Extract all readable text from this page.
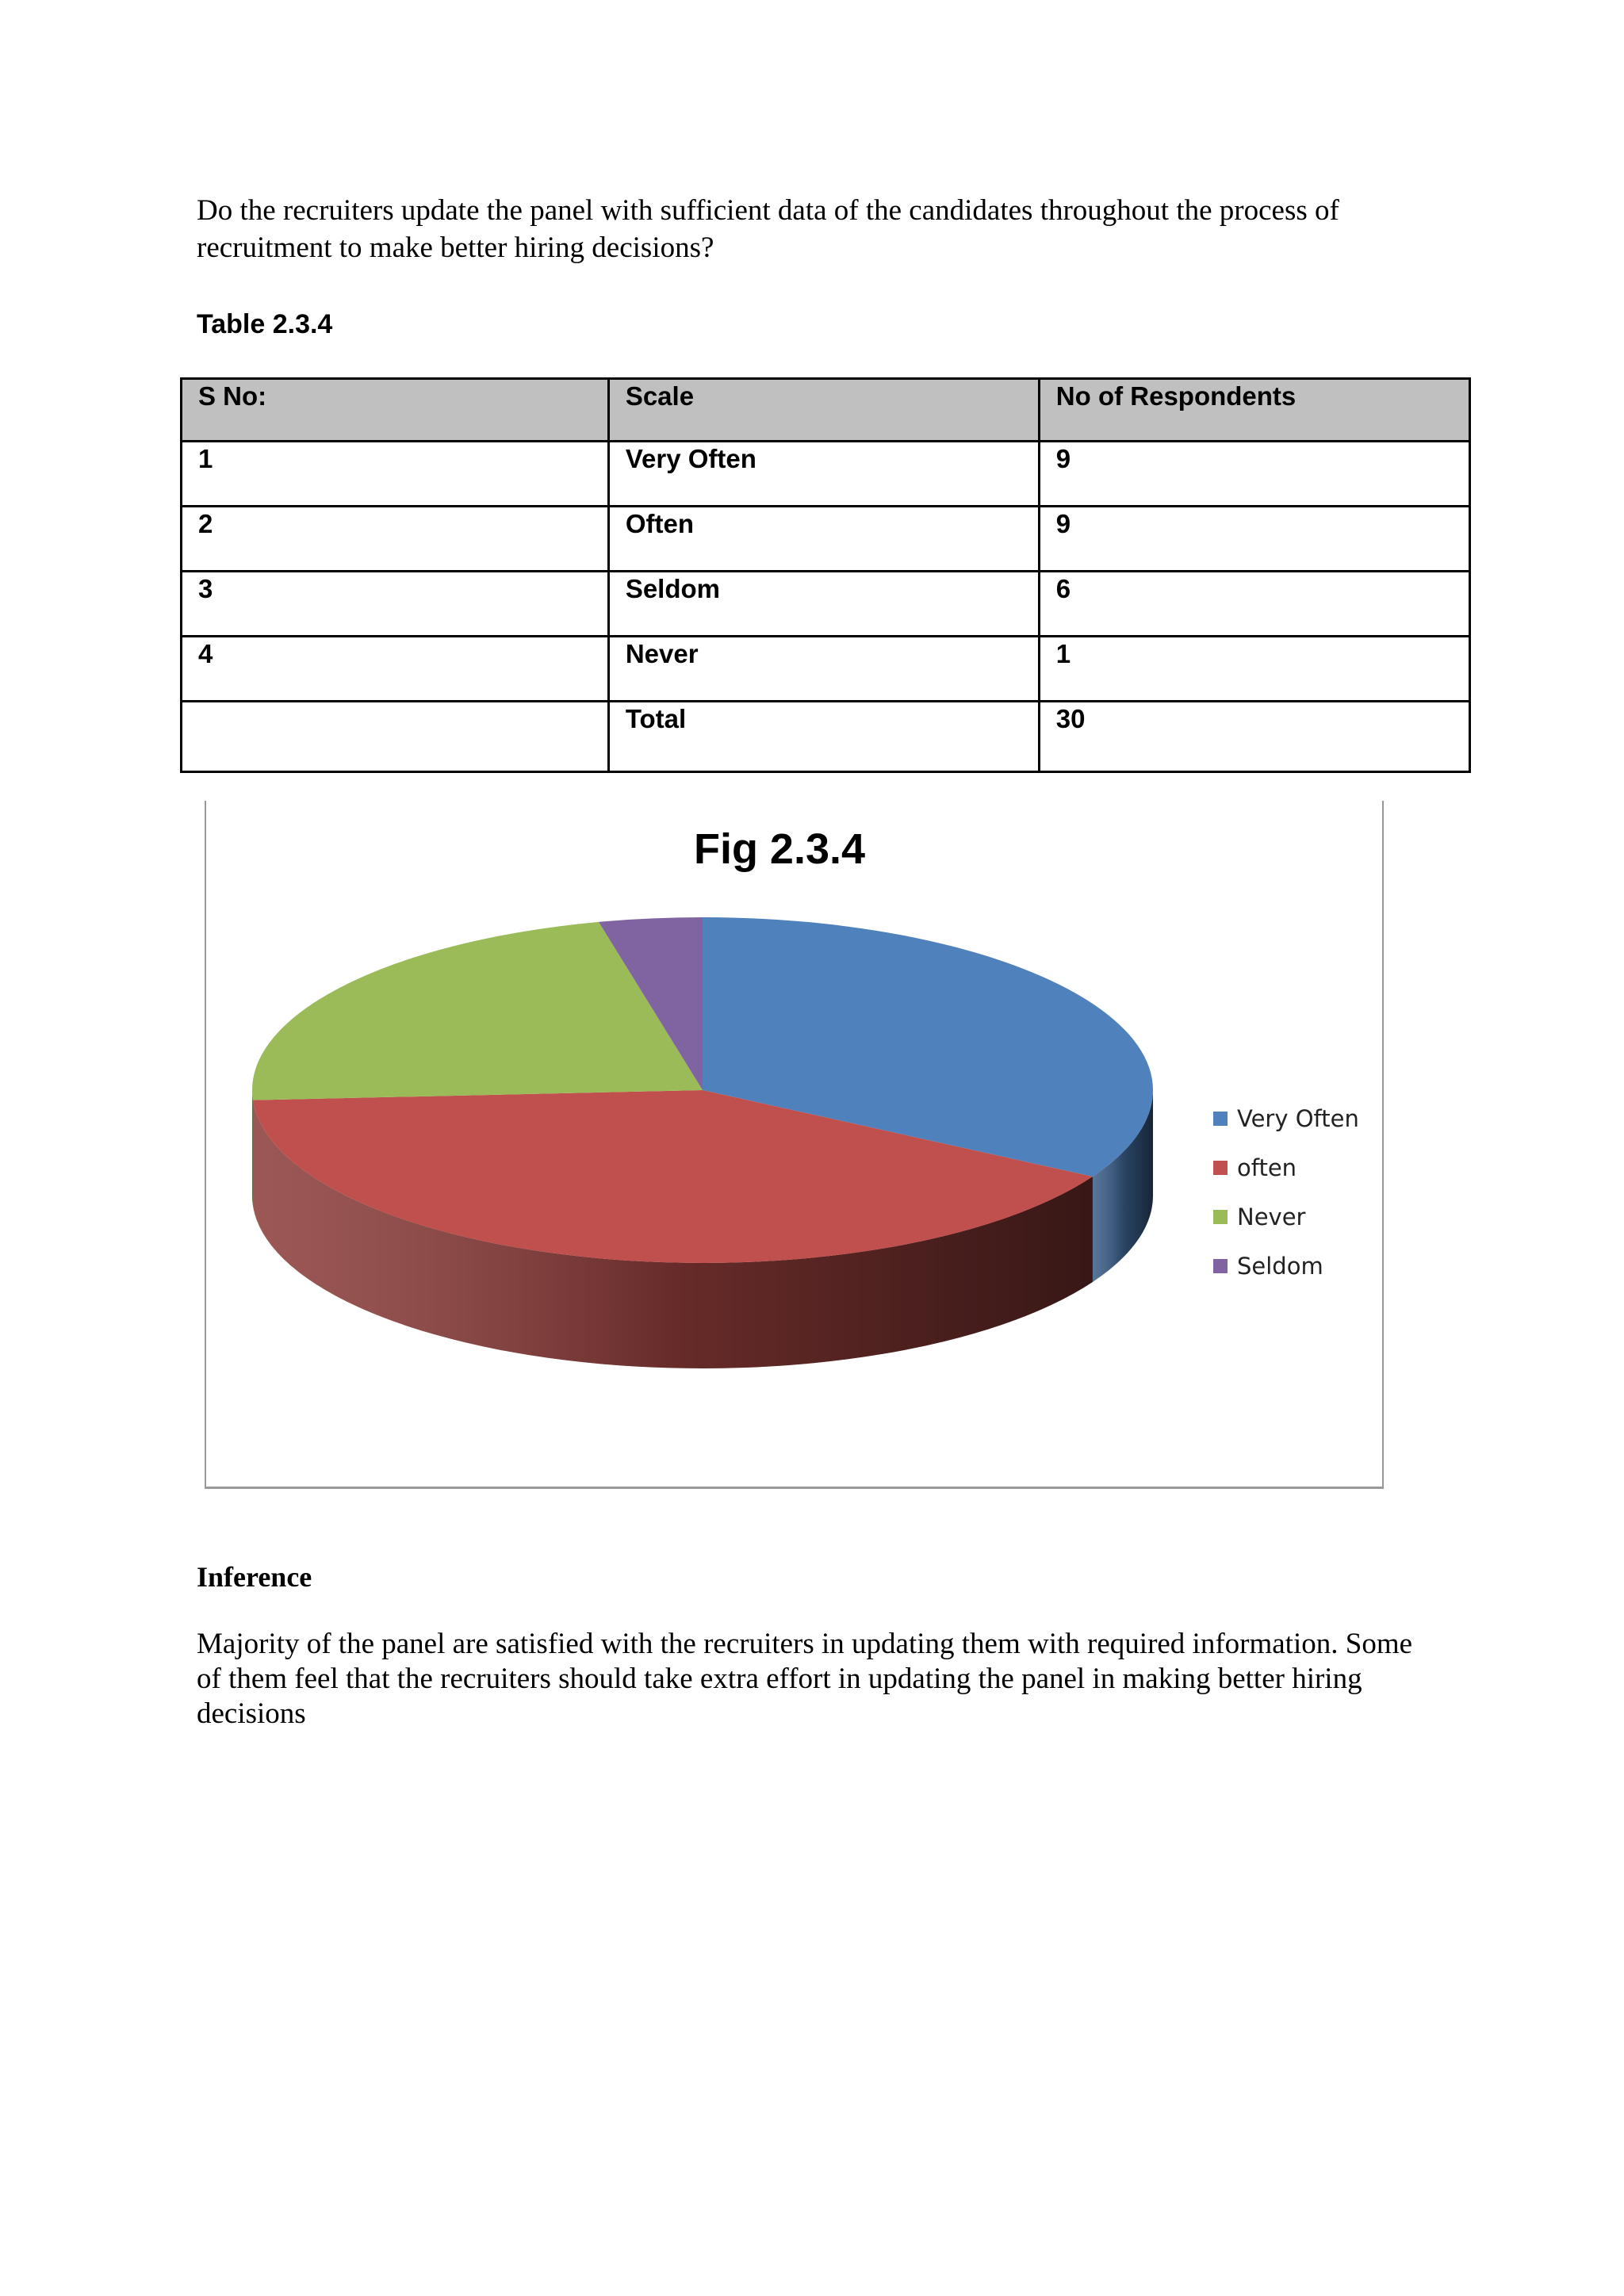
Do the recruiters update the panel with sufficient data of the candidates throughout the process of recruitment to make better hiring decisions?
Table 2.3.4
S No:	Scale	No of Respondents
1	Very Often	9
2	Often	9
3	Seldom	6
4	Never	1
	Total	30
Fig 2.3.4
Very Often
often
Never
Seldom
Inference
Majority of the panel are satisfied with the recruiters in updating them with required information. Some of them feel that the recruiters should take extra effort in updating the panel in making better hiring decisions
